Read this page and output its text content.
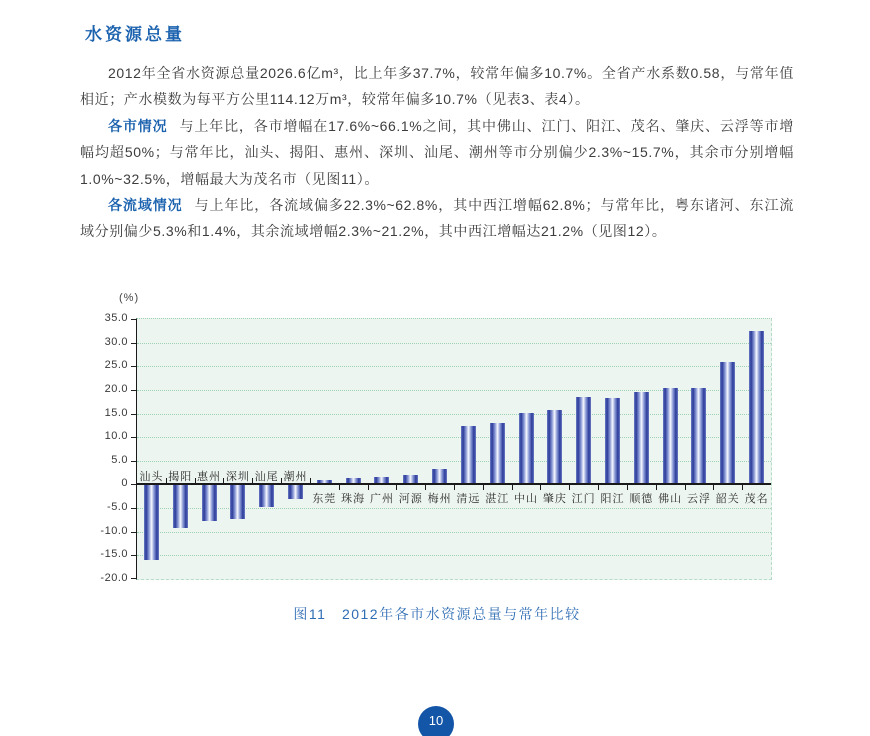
水资源总量

2012年全省水资源总量2026.6亿m³，比上年多37.7%，较常年偏多10.7%。全省产水系数0.58，与常年值相近；产水模数为每平方公里114.12万m³，较常年偏多10.7%（见表3、表4）。

各市情况 与上年比，各市增幅在17.6%~66.1%之间，其中佛山、江门、阳江、茂名、肇庆、云浮等市增幅均超50%；与常年比，汕头、揭阳、惠州、深圳、汕尾、潮州等市分别偏少2.3%~15.7%，其余市分别增幅1.0%~32.5%，增幅最大为茂名市（见图11）。

各流域情况 与上年比，各流域偏多22.3%~62.8%，其中西江增幅62.8%；与常年比，粤东诸河、东江流域分别偏少5.3%和1.4%，其余流域增幅2.3%~21.2%，其中西江增幅达21.2%（见图12）。

(%)
35.0
30.0
25.0
20.0
15.0
10.0
5.0
0
-5.0
-10.0
-15.0
-20.0
汕头 揭阳 惠州 深圳 汕尾 潮州
东莞 珠海 广州 河源 梅州 清远 湛江 中山 肇庆 江门 阳江 顺德 佛山 云浮 韶关 茂名
图11　2012年各市水资源总量与常年比较
10
